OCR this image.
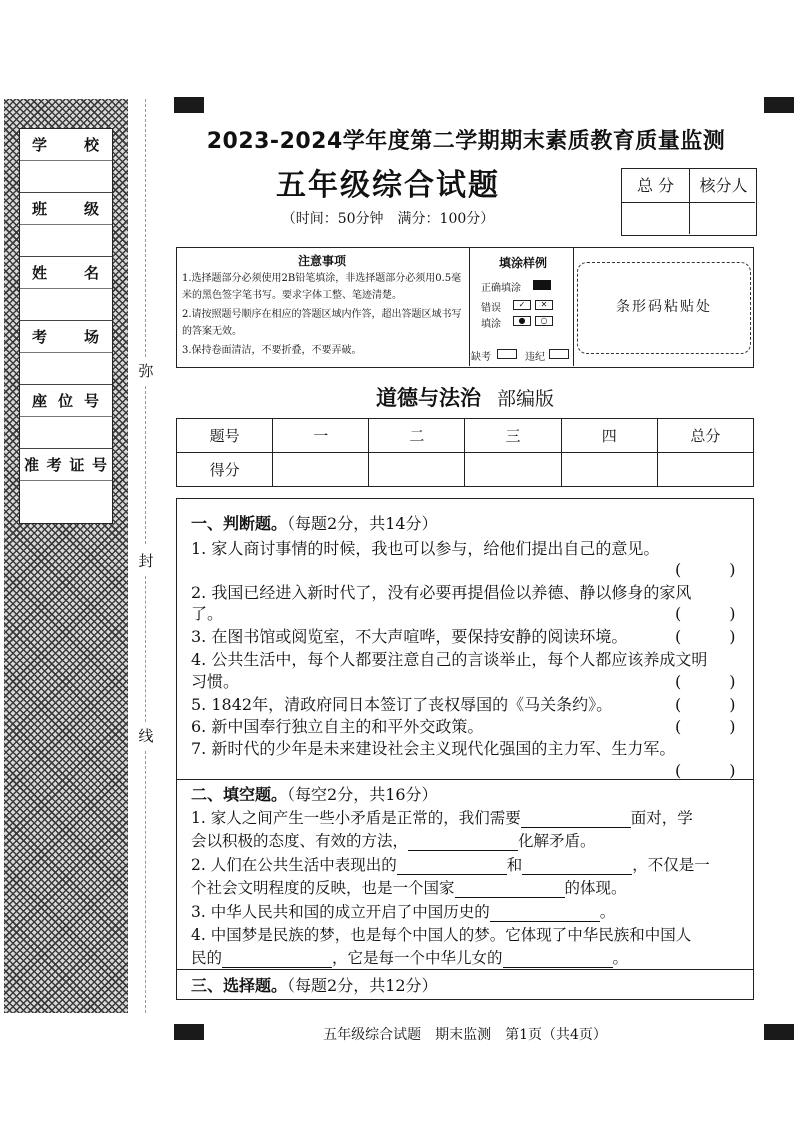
学　校
班　级
姓　名
考　场
座位号
准考证号
弥
封
线
2023-2024学年度第二学期期末素质教育质量监测
五年级综合试题
（时间：50分钟　满分：100分）
总 分	核分人
注意事项
1.选择题部分必须使用2B铅笔填涂，非选择题部分必须用0.5毫米的黑色签字笔书写。要求字体工整、笔迹清楚。
2.请按照题号顺序在相应的答题区域内作答，超出答题区域书写的答案无效。
3.保持卷面清洁，不要折叠，不要弄破。
填涂样例
正确填涂
错误	✓	✕
填涂	●	○
缺考	违纪
条形码粘贴处
道德与法治 部编版
题号	一	二	三	四	总分
得分					
一、判断题。（每题2分，共14分）
1. 家人商讨事情的时候，我也可以参与，给他们提出自己的意见。
(　　　)
2. 我国已经进入新时代了，没有必要再提倡俭以养德、静以修身的家风
了。	(　　　)
3. 在图书馆或阅览室，不大声喧哗，要保持安静的阅读环境。	(　　　)
4. 公共生活中，每个人都要注意自己的言谈举止，每个人都应该养成文明
习惯。	(　　　)
5. 1842年，清政府同日本签订了丧权辱国的《马关条约》。	(　　　)
6. 新中国奉行独立自主的和平外交政策。	(　　　)
7. 新时代的少年是未来建设社会主义现代化强国的主力军、生力军。
(　　　)
二、填空题。（每空2分，共16分）
1. 家人之间产生一些小矛盾是正常的，我们需要	面对，学
会以积极的态度、有效的方法，	化解矛盾。
2. 人们在公共生活中表现出的	和	，不仅是一
个社会文明程度的反映，也是一个国家	的体现。
3. 中华人民共和国的成立开启了中国历史的	。
4. 中国梦是民族的梦，也是每个中国人的梦。它体现了中华民族和中国人
民的	，它是每一个中华儿女的	。
三、选择题。（每题2分，共12分）
五年级综合试题　期末监测　第1页（共4页）
